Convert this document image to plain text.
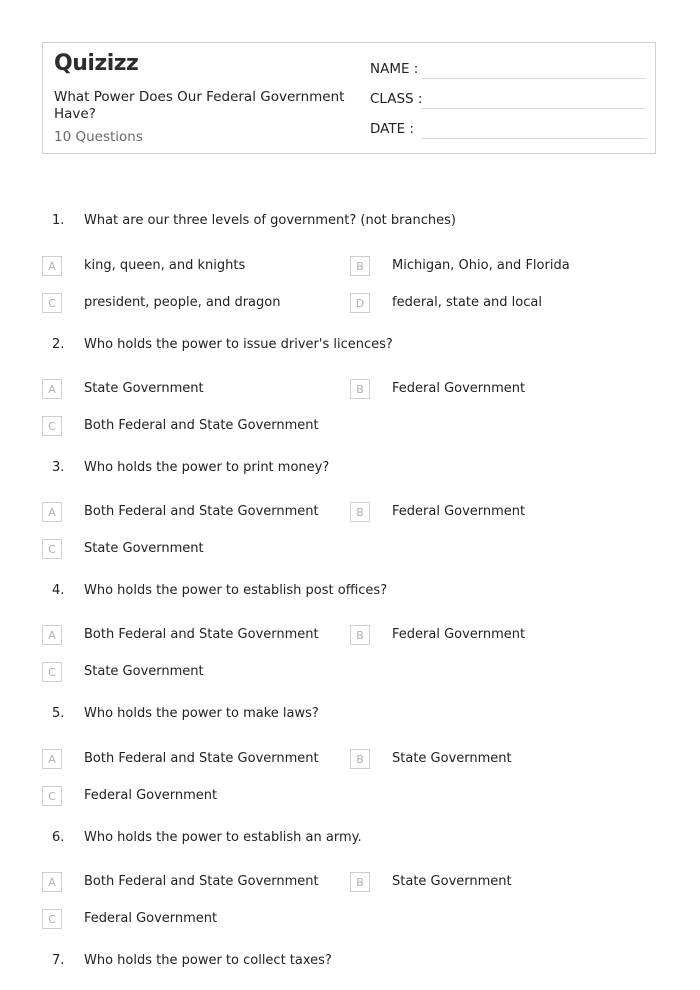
Quizizz
What Power Does Our Federal Government Have?
10 Questions
NAME :
CLASS :
DATE :
1. What are our three levels of government? (not branches)
A	king, queen, and knights	B	Michigan, Ohio, and Florida
C	president, people, and dragon	D	federal, state and local
2. Who holds the power to issue driver's licences?
A	State Government	B	Federal Government
C	Both Federal and State Government
3. Who holds the power to print money?
A	Both Federal and State Government	B	Federal Government
C	State Government
4. Who holds the power to establish post offices?
A	Both Federal and State Government	B	Federal Government
C	State Government
5. Who holds the power to make laws?
A	Both Federal and State Government	B	State Government
C	Federal Government
6. Who holds the power to establish an army.
A	Both Federal and State Government	B	State Government
C	Federal Government
7. Who holds the power to collect taxes?
